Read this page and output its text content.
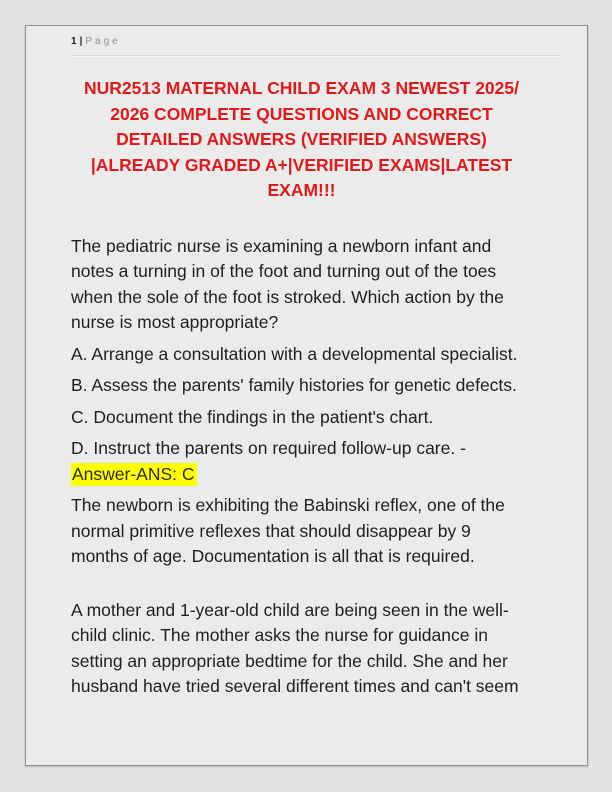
1 | Page
NUR2513 MATERNAL CHILD EXAM 3 NEWEST 2025/
2026 COMPLETE QUESTIONS AND CORRECT
DETAILED ANSWERS (VERIFIED ANSWERS)
|ALREADY GRADED A+|VERIFIED EXAMS|LATEST
EXAM!!!

The pediatric nurse is examining a newborn infant and notes a turning in of the foot and turning out of the toes when the sole of the foot is stroked. Which action by the nurse is most appropriate?

A. Arrange a consultation with a developmental specialist.

B. Assess the parents' family histories for genetic defects.

C. Document the findings in the patient's chart.

D. Instruct the parents on required follow-up care. - Answer-ANS: C

The newborn is exhibiting the Babinski reflex, one of the normal primitive reflexes that should disappear by 9 months of age. Documentation is all that is required.

A mother and 1-year-old child are being seen in the well-child clinic. The mother asks the nurse for guidance in setting an appropriate bedtime for the child. She and her husband have tried several different times and can't seem
